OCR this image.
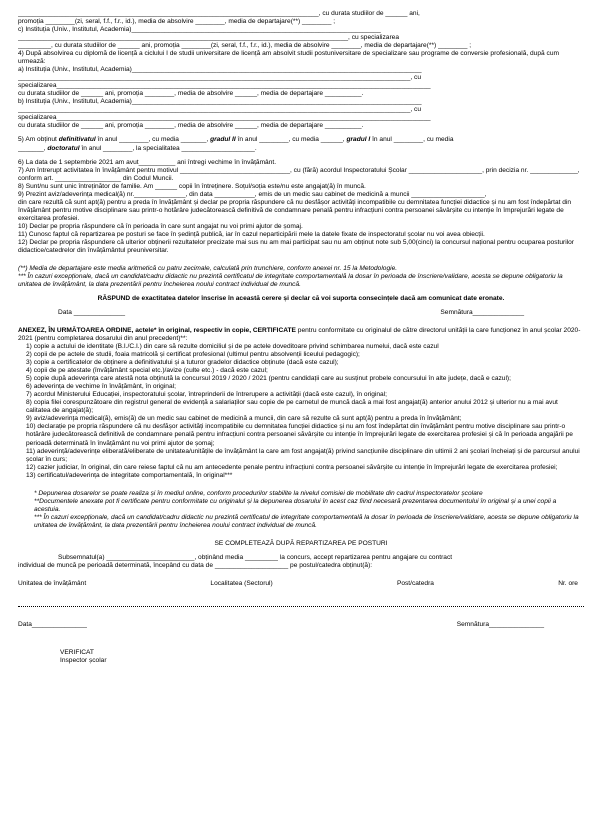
__________________________________________________________________________________, cu durata studiilor de ______ ani,
promoția ________(zi, seral, f.f., f.r., id.), media de absolvire ________, media de departajare(**) ________ ;
c) Instituția (Univ., Institutul, Academia)____________________________________________________________________
__________________________________________________________________________________________, cu specializarea
_________, cu durata studiilor de ______ ani, promoția ________(zi, seral, f.f., f.r., id.), media de absolvire ________, media de departajare(**) ________ ;
4) După absolvirea cu diplomă de licență a ciclului I de studii universitare de licență am absolvit studii postuniversitare de specializare sau programe de conversie profesională, după cum urmează:
a) Instituția (Univ., Institutul, Academia)_______________________________________________________________________________
___________________________________________________________________________________________________________, cu
specializarea______________________________________________________________________________________________________
cu durata studiilor de ______ ani, promoția ________, media de absolvire ______, media de departajare __________.
b) Instituția (Univ., Institutul, Academia)_______________________________________________________________________________
___________________________________________________________________________________________________________, cu
specializarea______________________________________________________________________________________________________
cu durata studiilor de ______ ani, promoția ________, media de absolvire ______, media de departajare __________.
5) Am obținut definitivatul în anul ________, cu media _______, gradul II în anul ________, cu media ______, gradul I în anul ________, cu media
_______, doctoratul în anul ________, la specialitatea ____________________.
6) La data de 1 septembrie 2021 am avut__________ ani întregi vechime în învățământ.
7) Am întrerupt activitatea în învățământ pentru motivul ______________________________, cu (fără) acordul Inspectoratului Școlar ____________________, prin decizia nr. _____________, conform art. __________________ din Codul Muncii.
8) Sunt/nu sunt unic întreținător de familie. Am ______ copii în întreținere. Soțul/soția este/nu este angajat(ă) în muncă.
9) Prezint aviz/adeverința medical(ă) nr.______________, din data ___________, emis de un medic sau cabinet de medicină a muncii ____________________,
din care rezultă că sunt apt(ă) pentru a preda în învățământ și declar pe propria răspundere că nu desfășor activități incompatibile cu demnitatea funcției didactice și nu am fost îndepărtat din învățământ pentru motive disciplinare sau printr-o hotărâre judecătorească definitivă de condamnare penală pentru infracțiuni contra persoanei săvârșite cu intenție în împrejurări legate de exercitarea profesiei.
10) Declar pe propria răspundere că în perioada în care sunt angajat nu voi primi ajutor de șomaj.
11) Cunosc faptul că repartizarea pe posturi se face în ședință publică, iar în cazul neparticipării mele la datele fixate de inspectoratul școlar nu voi avea obiecții.
12) Declar pe propria răspundere că ulterior obținerii rezultatelor precizate mai sus nu am mai participat sau nu am obținut note sub 5,00(cinci) la concursul național pentru ocuparea posturilor didactice/catedrelor din învățământul preuniversitar.
(**) Media de departajare este media aritmetică cu patru zecimale, calculată prin trunchiere, conform anexei nr. 15 la Metodologie.
*** În cazuri excepționale, dacă un candidat/cadru didactic nu prezintă certificatul de integritate comportamentală la dosar în perioada de înscriere/validare, acesta se depune obligatoriu la unitatea de învățământ, la data prezentării pentru încheierea noului contract individual de muncă.
RĂSPUND de exactitatea datelor înscrise în această cerere și declar că voi suporta consecințele dacă am comunicat date eronate.
Data ______________	Semnătura______________
ANEXEZ, ÎN URMĂTOAREA ORDINE, actele* în original, respectiv în copie, CERTIFICATE pentru conformitate cu originalul de către directorul unității la care funcționez în anul școlar 2020-2021 (pentru completarea dosarului din anul precedent)**:
1) copie a actului de identitate (B.I./C.I.) din care să rezulte domiciliul și de pe actele doveditoare privind schimbarea numelui, dacă este cazul
2) copii de pe actele de studii, foaia matricolă și certificat profesional (ultimul pentru absolvenții liceului pedagogic);
3) copie a certificatelor de obținere a definitivatului și a tuturor gradelor didactice obținute (dacă este cazul);
4) copii de pe atestate (învățământ special etc.)/avize (culte etc.) - dacă este cazul;
5) copie după adeverința care atestă nota obținută la concursul 2019 / 2020 / 2021 (pentru candidații care au susținut probele concursului în alte județe, dacă e cazul);
6) adeverința de vechime în învățământ, în original;
7) acordul Ministerului Educației, inspectoratului școlar, întreprinderii de întrerupere a activității (dacă este cazul), în original;
8) copia filei corespunzătoare din registrul general de evidență a salariaților sau copie de pe carnetul de muncă dacă a mai fost angajat(ă) anterior anului 2012 și ulterior nu a mai avut calitatea de angajat(ă);
9) aviz/adeverința medical(ă), emis(ă) de un medic sau cabinet de medicină a muncii, din care să rezulte că sunt apt(ă) pentru a preda în învățământ;
10) declarație pe propria răspundere că nu desfășor activități incompatibile cu demnitatea funcției didactice și nu am fost îndepărtat din învățământ pentru motive disciplinare sau printr-o hotărâre judecătorească definitivă de condamnare penală pentru infracțiuni contra persoanei săvârșite cu intenție în împrejurări legate de exercitarea profesiei și că în perioada angajării pe perioadă determinată în învățământ nu voi primi ajutor de șomaj;
11) adeverință/adeverințe eliberată/eliberate de unitatea/unitățile de învățământ la care am fost angajat(ă) privind sancțiunile disciplinare din ultimii 2 ani școlari încheiați și de parcursul anului școlar în curs;
12) cazier judiciar, în original, din care reiese faptul că nu am antecedente penale pentru infracțiuni contra persoanei săvârșite cu intenție în împrejurări legate de exercitarea profesiei;
13) certificatul/adeverința de integritate comportamentală, în original***
* Depunerea dosarelor se poate realiza și în mediul online, conform procedurilor stabilite la nivelul comisiei de mobilitate din cadrul inspectoratelor școlare
**Documentele anexate pot fi certificate pentru conformitate cu originalul și la depunerea dosarului în acest caz fiind necesară prezentarea documentului în original și a unei copii a acestuia.
*** În cazuri excepționale, dacă un candidat/cadru didactic nu prezintă certificatul de integritate comportamentală la dosar în perioada de înscriere/validare, acesta se depune obligatoriu la unitatea de învățământ, la data prezentării pentru încheierea noului contract individual de muncă.
SE COMPLETEAZĂ DUPĂ REPARTIZAREA PE POSTURI
Subsemnatul(a) ________________________, obținând media _________ la concurs, accept repartizarea pentru angajare cu contract
individual de muncă pe perioadă determinată, începând cu data de ____________________ pe postul/catedra obținut(ă):
Unitatea de învățământ	Localitatea (Sectorul)	Post/catedra	Nr. ore
Data_______________	Semnătura_______________
VERIFICAT
Inspector școlar
